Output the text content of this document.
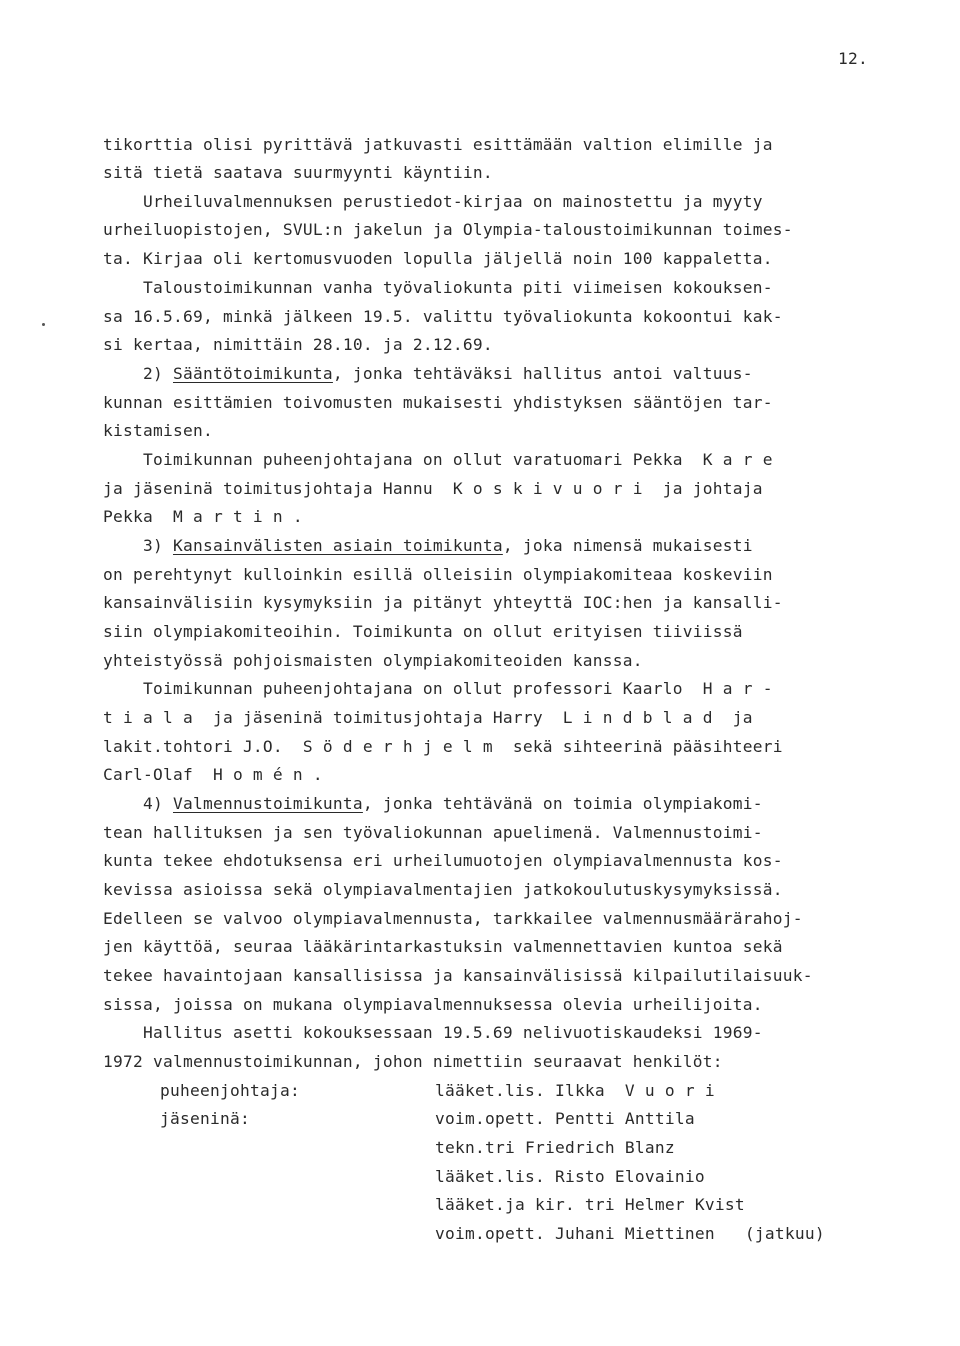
12.
tikorttia olisi pyrittävä jatkuvasti esittämään valtion elimille ja
sitä tietä saatava suurmyynti käyntiin.
Urheiluvalmennuksen perustiedot-kirjaa on mainostettu ja myyty
urheiluopistojen, SVUL:n jakelun ja Olympia-taloustoimikunnan toimes-
ta. Kirjaa oli kertomusvuoden lopulla jäljellä noin 100 kappaletta.
Taloustoimikunnan vanha työvaliokunta piti viimeisen kokouksen-
sa 16.5.69, minkä jälkeen 19.5. valittu työvaliokunta kokoontui kak-
si kertaa, nimittäin 28.10. ja 2.12.69.
2) Sääntötoimikunta, jonka tehtäväksi hallitus antoi valtuus-
kunnan esittämien toivomusten mukaisesti yhdistyksen sääntöjen tar-
kistamisen.
Toimikunnan puheenjohtajana on ollut varatuomari Pekka  K a r e
ja jäseninä toimitusjohtaja Hannu  K o s k i v u o r i  ja johtaja
Pekka  M a r t i n .
3) Kansainvälisten asiain toimikunta, joka nimensä mukaisesti
on perehtynyt kulloinkin esillä olleisiin olympiakomiteaa koskeviin
kansainvälisiin kysymyksiin ja pitänyt yhteyttä IOC:hen ja kansalli-
siin olympiakomiteoihin. Toimikunta on ollut erityisen tiiviissä
yhteistyössä pohjoismaisten olympiakomiteoiden kanssa.
Toimikunnan puheenjohtajana on ollut professori Kaarlo  H a r -
t i a l a  ja jäseninä toimitusjohtaja Harry  L i n d b l a d  ja
lakit.tohtori J.O.  S ö d e r h j e l m  sekä sihteerinä pääsihteeri
Carl-Olaf  H o m é n .
4) Valmennustoimikunta, jonka tehtävänä on toimia olympiakomi-
tean hallituksen ja sen työvaliokunnan apuelimenä. Valmennustoimi-
kunta tekee ehdotuksensa eri urheilumuotojen olympiavalmennusta kos-
kevissa asioissa sekä olympiavalmentajien jatkokoulutuskysymyksissä.
Edelleen se valvoo olympiavalmennusta, tarkkailee valmennusmäärärahoj-
jen käyttöä, seuraa lääkärintarkastuksin valmennettavien kuntoa sekä
tekee havaintojaan kansallisissa ja kansainvälisissä kilpailutilaisuuk-
sissa, joissa on mukana olympiavalmennuksessa olevia urheilijoita.
Hallitus asetti kokouksessaan 19.5.69 nelivuotiskaudeksi 1969-
1972 valmennustoimikunnan, johon nimettiin seuraavat henkilöt:
puheenjohtaja:	lääket.lis. Ilkka  V u o r i
jäseninä:	voim.opett. Pentti Anttila
tekn.tri Friedrich Blanz
lääket.lis. Risto Elovainio
lääket.ja kir. tri Helmer Kvist
voim.opett. Juhani Miettinen   (jatkuu)
